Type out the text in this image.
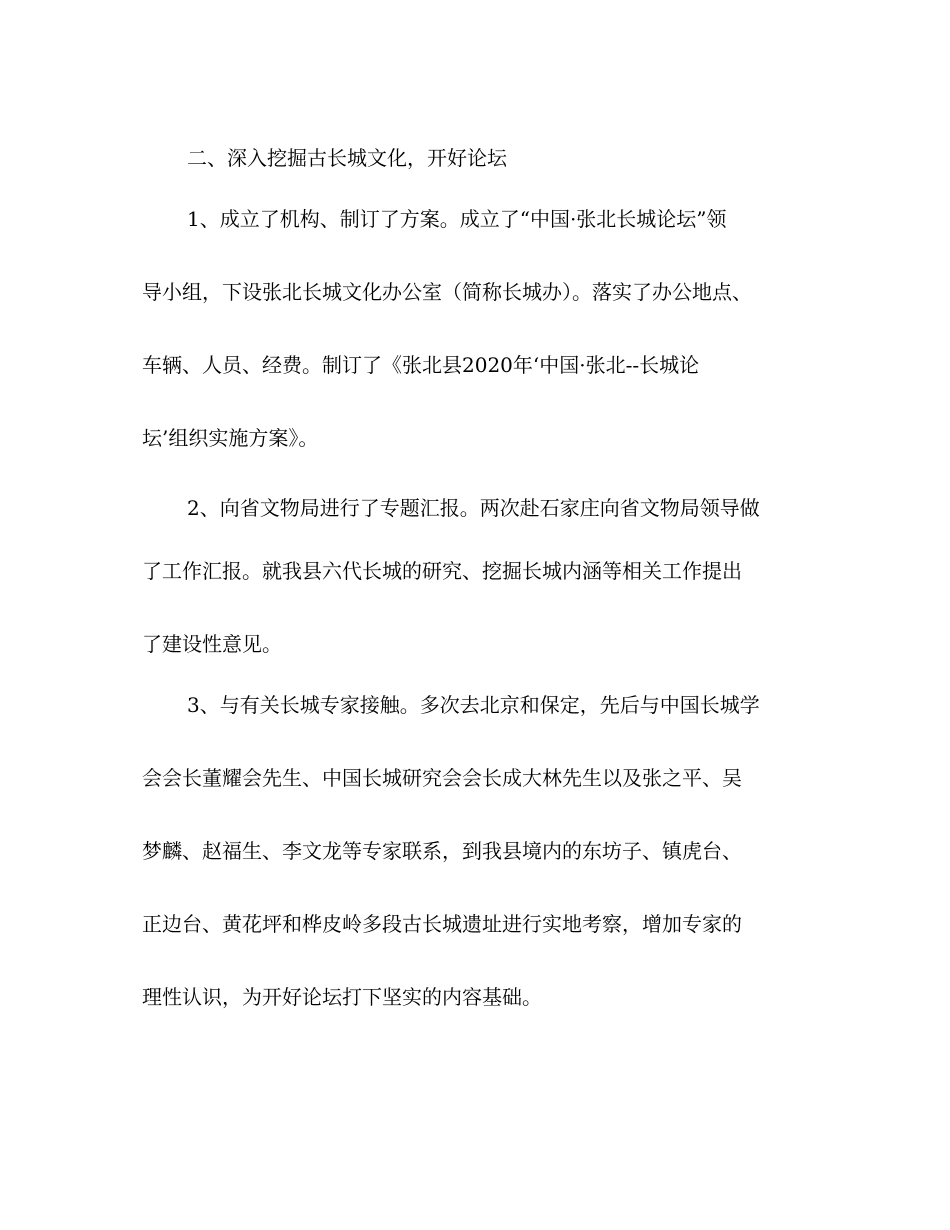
二、深入挖掘古长城文化，开好论坛

1、成立了机构、制订了方案。成立了“中国·张北长城论坛”领

导小组，下设张北长城文化办公室（简称长城办）。落实了办公地点、

车辆、人员、经费。制订了《张北县2020年‘中国·张北--长城论

坛’组织实施方案》。

2、向省文物局进行了专题汇报。两次赴石家庄向省文物局领导做

了工作汇报。就我县六代长城的研究、挖掘长城内涵等相关工作提出

了建设性意见。

3、与有关长城专家接触。多次去北京和保定，先后与中国长城学

会会长董耀会先生、中国长城研究会会长成大林先生以及张之平、吴

梦麟、赵福生、李文龙等专家联系，到我县境内的东坊子、镇虎台、

正边台、黄花坪和桦皮岭多段古长城遗址进行实地考察，增加专家的

理性认识，为开好论坛打下坚实的内容基础。
